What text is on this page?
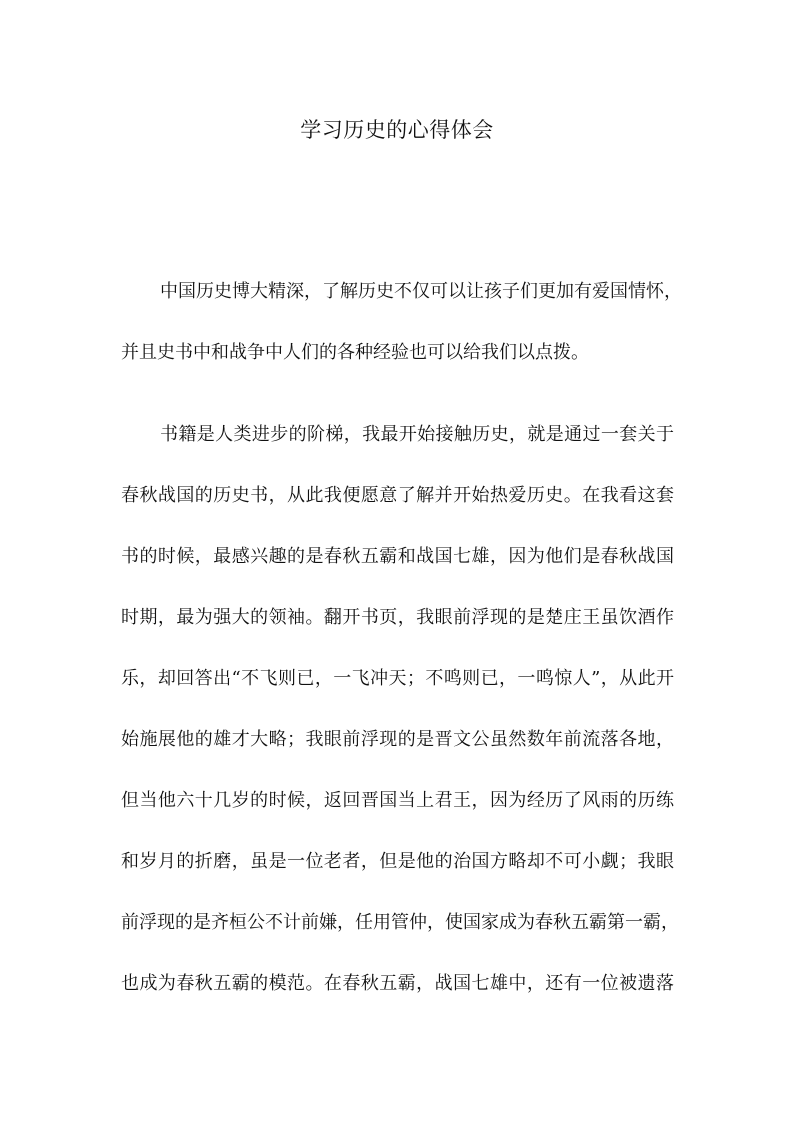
学习历史的心得体会
中国历史博大精深，了解历史不仅可以让孩子们更加有爱国情怀，
并且史书中和战争中人们的各种经验也可以给我们以点拨。
书籍是人类进步的阶梯，我最开始接触历史，就是通过一套关于
春秋战国的历史书，从此我便愿意了解并开始热爱历史。在我看这套
书的时候，最感兴趣的是春秋五霸和战国七雄，因为他们是春秋战国
时期，最为强大的领袖。翻开书页，我眼前浮现的是楚庄王虽饮酒作
乐，却回答出“不飞则已，一飞冲天；不鸣则已，一鸣惊人”，从此开
始施展他的雄才大略；我眼前浮现的是晋文公虽然数年前流落各地，
但当他六十几岁的时候，返回晋国当上君王，因为经历了风雨的历练
和岁月的折磨，虽是一位老者，但是他的治国方略却不可小觑；我眼
前浮现的是齐桓公不计前嫌，任用管仲，使国家成为春秋五霸第一霸，
也成为春秋五霸的模范。在春秋五霸，战国七雄中，还有一位被遗落
